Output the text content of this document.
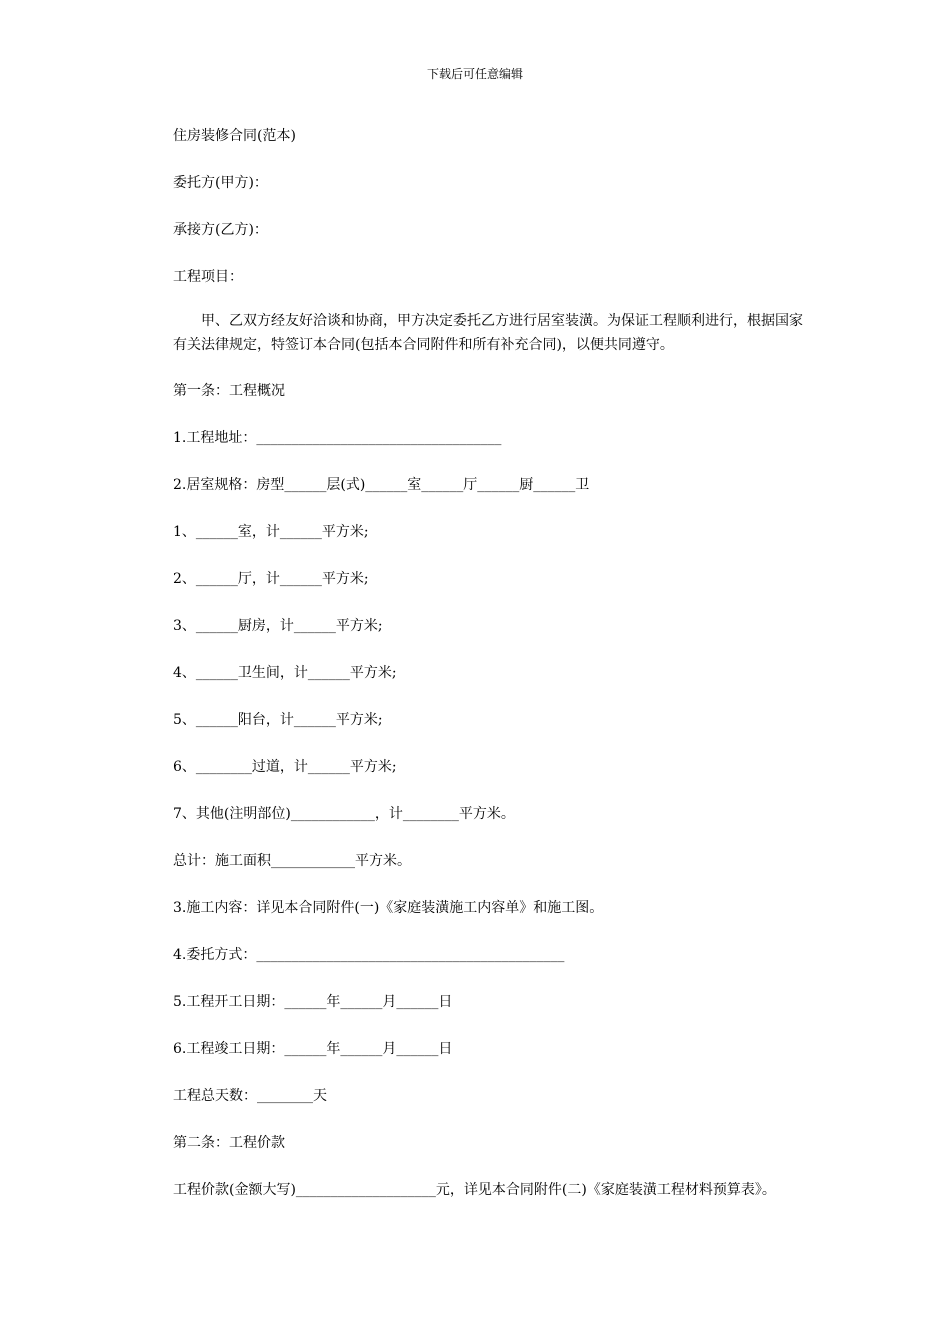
下载后可任意编辑
住房装修合同(范本)
委托方(甲方)：
承接方(乙方)：
工程项目：
甲、乙双方经友好洽谈和协商，甲方决定委托乙方进行居室装潢。为保证工程顺利进行，根据国家有关法律规定，特签订本合同(包括本合同附件和所有补充合同)，以便共同遵守。
第一条：工程概况
1.工程地址：___________________________________
2.居室规格：房型______层(式)______室______厅______厨______卫
1、______室，计______平方米;
2、______厅，计______平方米;
3、______厨房，计______平方米;
4、______卫生间，计______平方米;
5、______阳台，计______平方米;
6、________过道，计______平方米;
7、其他(注明部位)____________，计________平方米。
总计：施工面积____________平方米。
3.施工内容：详见本合同附件(一)《家庭装潢施工内容单》和施工图。
4.委托方式：____________________________________________
5.工程开工日期：______年______月______日
6.工程竣工日期：______年______月______日
工程总天数：________天
第二条：工程价款
工程价款(金额大写)____________________元，详见本合同附件(二)《家庭装潢工程材料预算表》。
